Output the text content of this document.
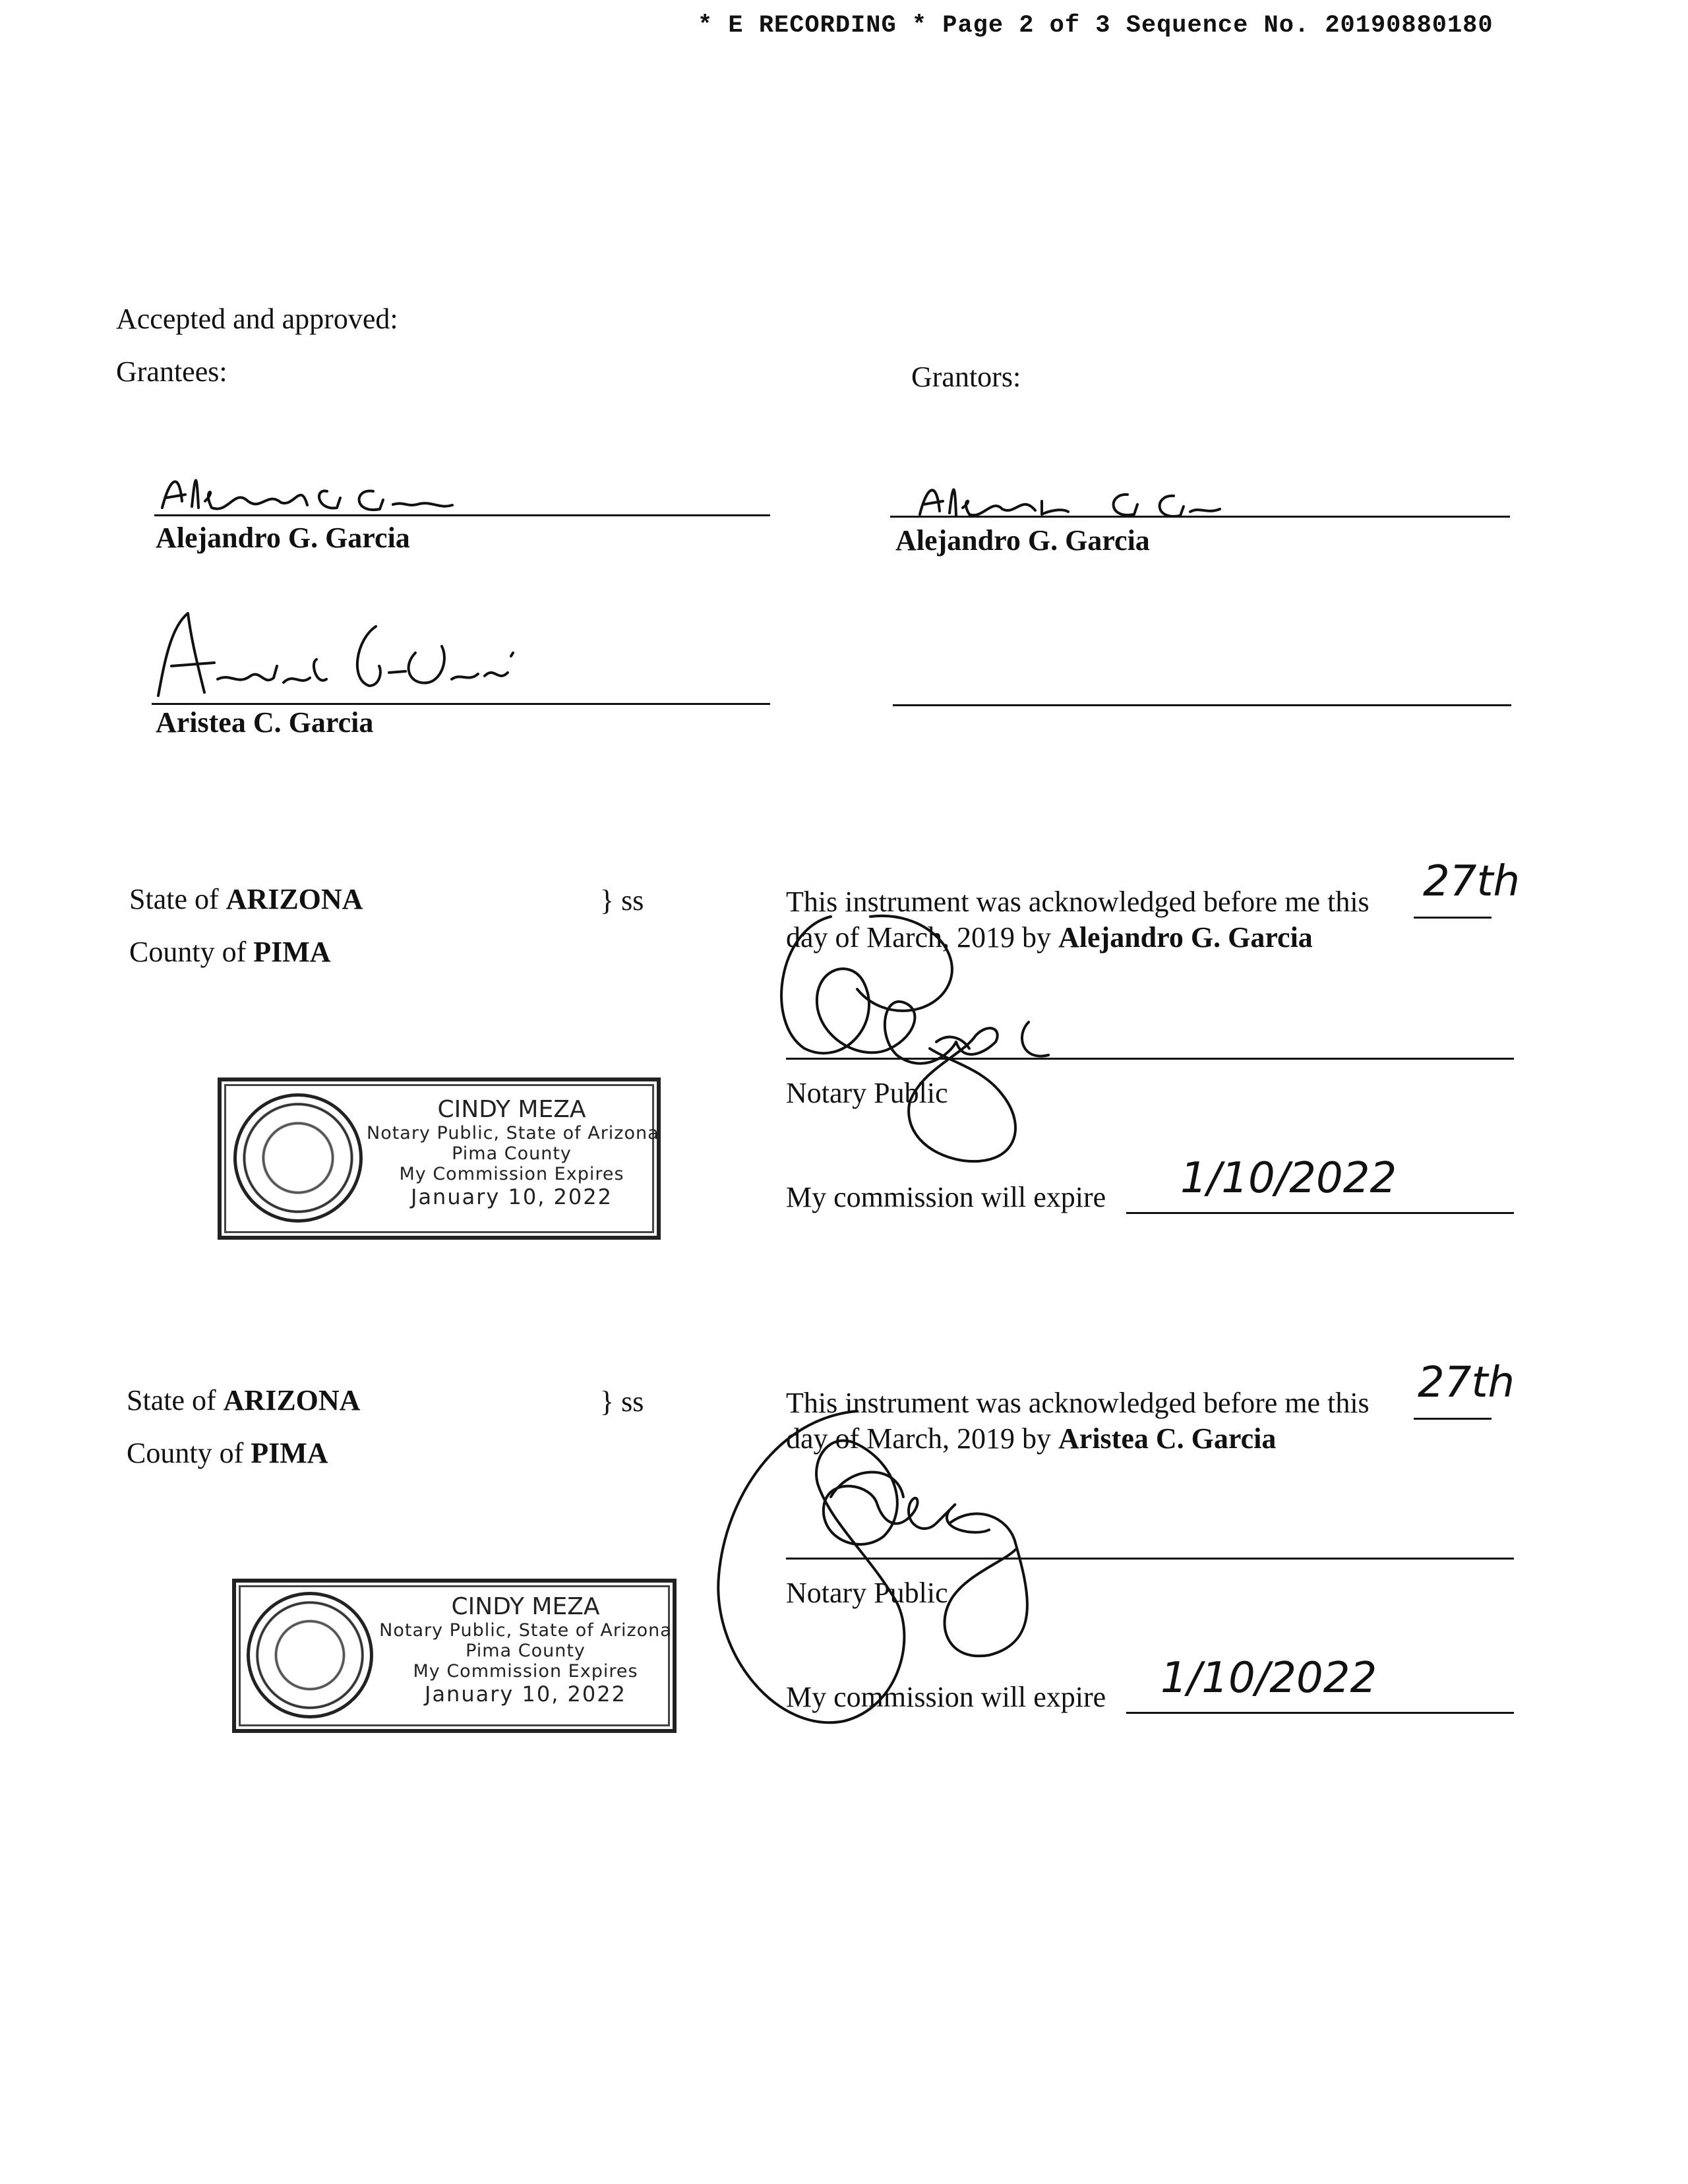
* E RECORDING * Page 2 of 3 Sequence No. 20190880180
Accepted and approved:
Grantees:	Grantors:
Alejandro G. Garcia	Alejandro G. Garcia
Aristea C. Garcia
State of ARIZONA	} ss
County of PIMA
This instrument was acknowledged before me this 27th
day of March, 2019 by Alejandro G. Garcia
Notary Public
My commission will expire 1/10/2022
CINDY MEZA
Notary Public, State of Arizona
Pima County
My Commission Expires
January 10, 2022
State of ARIZONA	} ss
County of PIMA
This instrument was acknowledged before me this 27th
day of March, 2019 by Aristea C. Garcia
Notary Public
My commission will expire 1/10/2022
CINDY MEZA
Notary Public, State of Arizona
Pima County
My Commission Expires
January 10, 2022
